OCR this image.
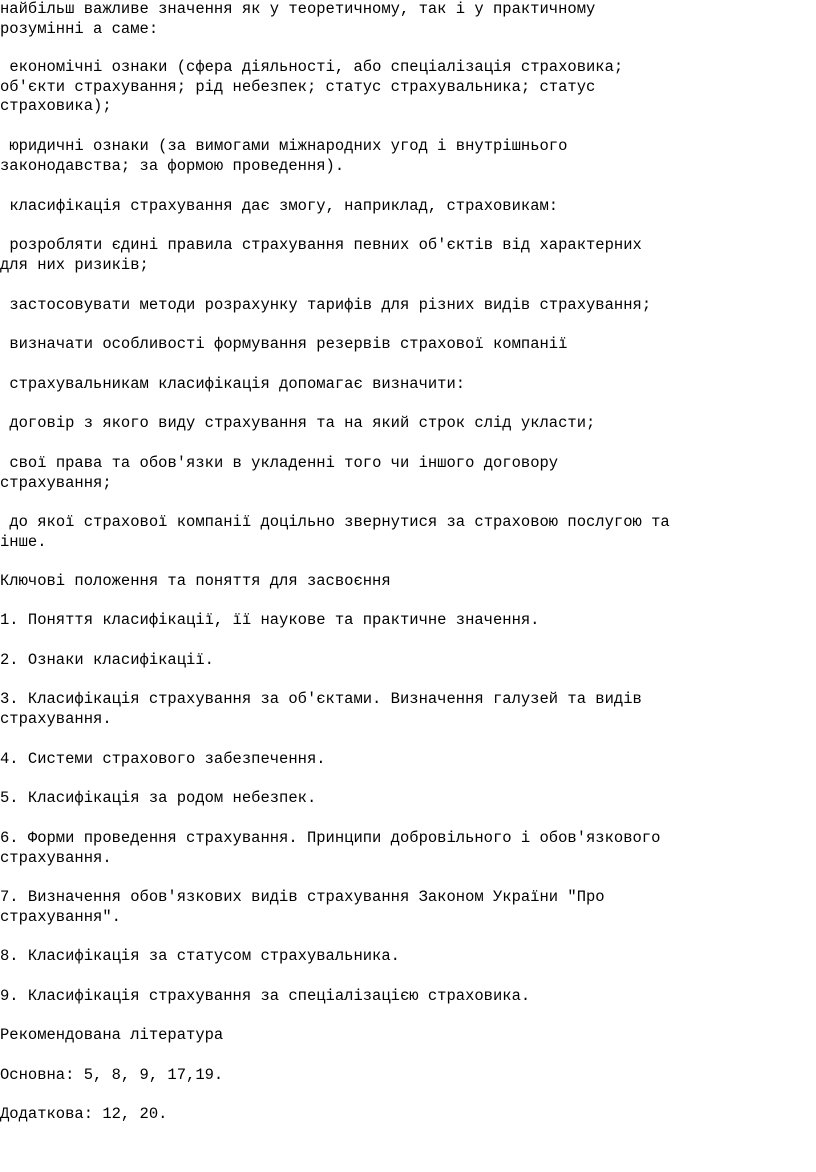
найбільш важливе значення як у теоретичному, так і у практичному
розумінні а саме:

економічні ознаки (сфера діяльності, або спеціалізація страховика;
об'єкти страхування; рід небезпек; статус страхувальника; статус
страховика);

юридичні ознаки (за вимогами міжнародних угод і внутрішнього
законодавства; за формою проведення).

класифікація страхування дає змогу, наприклад, страховикам:

розробляти єдині правила страхування певних об'єктів від характерних
для них ризиків;

застосовувати методи розрахунку тарифів для різних видів страхування;

визначати особливості формування резервів страхової компанії

страхувальникам класифікація допомагає визначити:

договір з якого виду страхування та на який строк слід укласти;

свої права та обов'язки в укладенні того чи іншого договору
страхування;

до якої страхової компанії доцільно звернутися за страховою послугою та
інше.

Ключові положення та поняття для засвоєння

1. Поняття класифікації, її наукове та практичне значення.

2. Ознаки класифікації.

3. Класифікація страхування за об'єктами. Визначення галузей та видів
страхування.

4. Системи страхового забезпечення.

5. Класифікація за родом небезпек.

6. Форми проведення страхування. Принципи добровільного і обов'язкового
страхування.

7. Визначення обов'язкових видів страхування Законом України "Про
страхування".

8. Класифікація за статусом страхувальника.

9. Класифікація страхування за спеціалізацією страховика.

Рекомендована література

Основна: 5, 8, 9, 17,19.

Додаткова: 12, 20.
